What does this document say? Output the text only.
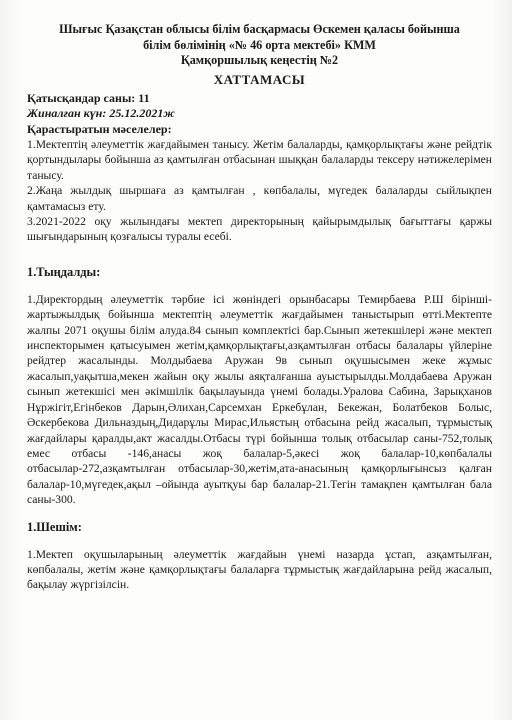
Шығыс Қазақстан облысы білім басқармасы Өскемен қаласы бойынша

білім бөлімінің «№ 46 орта мектебі» КММ

Қамқоршылық кеңестің №2

ХАТТАМАСЫ

Қатысқандар саны: 11

Жиналған күн: 25.12.2021ж

Қарастыратын мәселелер:

1.Мектептің әлеуметтік жағдайымен танысу. Жетім балаларды, қамқорлықтағы және рейдтік қортындылары бойынша аз қамтылған отбасынан шыққан балаларды тексеру нәтижелерімен танысу.

2.Жаңа жылдық шыршаға аз қамтылған , көпбалалы, мүгедек балаларды сыйлықпен қамтамасыз ету.

3.2021-2022 оқу жылындағы мектеп директорының қайырымдылық бағыттағы қаржы шығындарының қозғалысы туралы есебі.

1.Тыңдалды:

1.Директордың әлеуметтік тәрбие ісі жөніндегі орынбасары Темирбаева Р.Ш бірінші-жартыжылдық бойынша мектептің әлеуметтік жағдайымен таныстырып өтті.Мектепте жалпы 2071 оқушы білім алуда.84 сынып комплектісі бар.Сынып жетекшілері және мектеп инспекторымен қатысуымен жетім,қамқорлықтағы,азқамтылған отбасы балалары үйлеріне рейдтер жасалынды. Молдыбаева Аружан 9в сынып оқушысымен жеке жұмыс жасалып,уақытша,мекен жайын оқу жылы аяқталғанша ауыстырылды.Молдабаева Аружан сынып жетекшісі мен әкімшілік бақылауында үнемі болады.Уралова Сабина, Зарықханов Нұржігіт,Егінбеков Дарын,Әлихан,Сарсемхан Еркебұлан, Бекежан, Болатбеков Болыс, Әскербекова Дильназдың,Дидарұлы Мирас,Ильястың отбасына рейд жасалып, тұрмыстық жағдайлары қаралды,акт жасалды.Отбасы түрі бойынша толық отбасылар саны-752,толық емес отбасы -146,анасы жоқ балалар-5,әкесі жоқ балалар-10,көпбалалы отбасылар-272,азқамтылған отбасылар-30,жетім,ата-анасының қамқорлығынсыз қалған балалар-10,мүгедек,ақыл –ойында ауытқуы бар балалар-21.Тегін тамақпен қамтылған бала саны-300.

1.Шешім:

1.Мектеп оқушыларының әлеуметтік жағдайын үнемі назарда ұстап, азқамтылған, көпбалалы, жетім және қамқорлықтағы балаларға тұрмыстық жағдайларына рейд жасалып, бақылау жүргізілсін.
